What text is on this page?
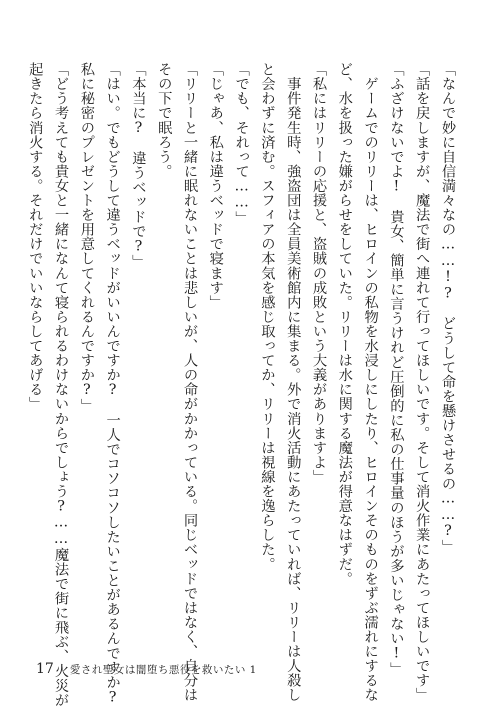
「なんで妙に自信満々なの……!?　どうして命を懸けさせるの……?」
「話を戻しますが、魔法で街へ連れて行ってほしいです。そして消火作業にあたってほしいです」
「ふざけないでよ!　貴女、簡単に言うけれど圧倒的に私の仕事量のほうが多いじゃない!」
　ゲームでのリリーは、ヒロインの私物を水浸しにしたり、ヒロインそのものをずぶ濡れにするな
ど、水を扱った嫌がらせをしていた。リリーは水に関する魔法が得意なはずだ。
「私にはリリーの応援と、盗賊の成敗という大義がありますよ」
　事件発生時、強盗団は全員美術館内に集まる。外で消火活動にあたっていれば、リリーは人殺し
と会わずに済む。スフィアの本気を感じ取ってか、リリーは視線を逸らした。
「でも、それって……」
「じゃあ、私は違うベッドで寝ます」
「リリーと一緒に眠れないことは悲しいが、人の命がかかっている。同じベッドではなく、自分は
その下で眠ろう。
「本当に?　違うベッドで?」
「はい。でもどうして違うベッドがいいんですか?　一人でコソコソしたいことがあるんですか?
私に秘密のプレゼントを用意してくれるんですか?」
「どう考えても貴女と一緒になんて寝られるわけないからでしょう?……魔法で街に飛ぶ、火災が
起きたら消火する。それだけでいいならしてあげる」
17 愛され聖女は闇堕ち悪役を救いたい 1
